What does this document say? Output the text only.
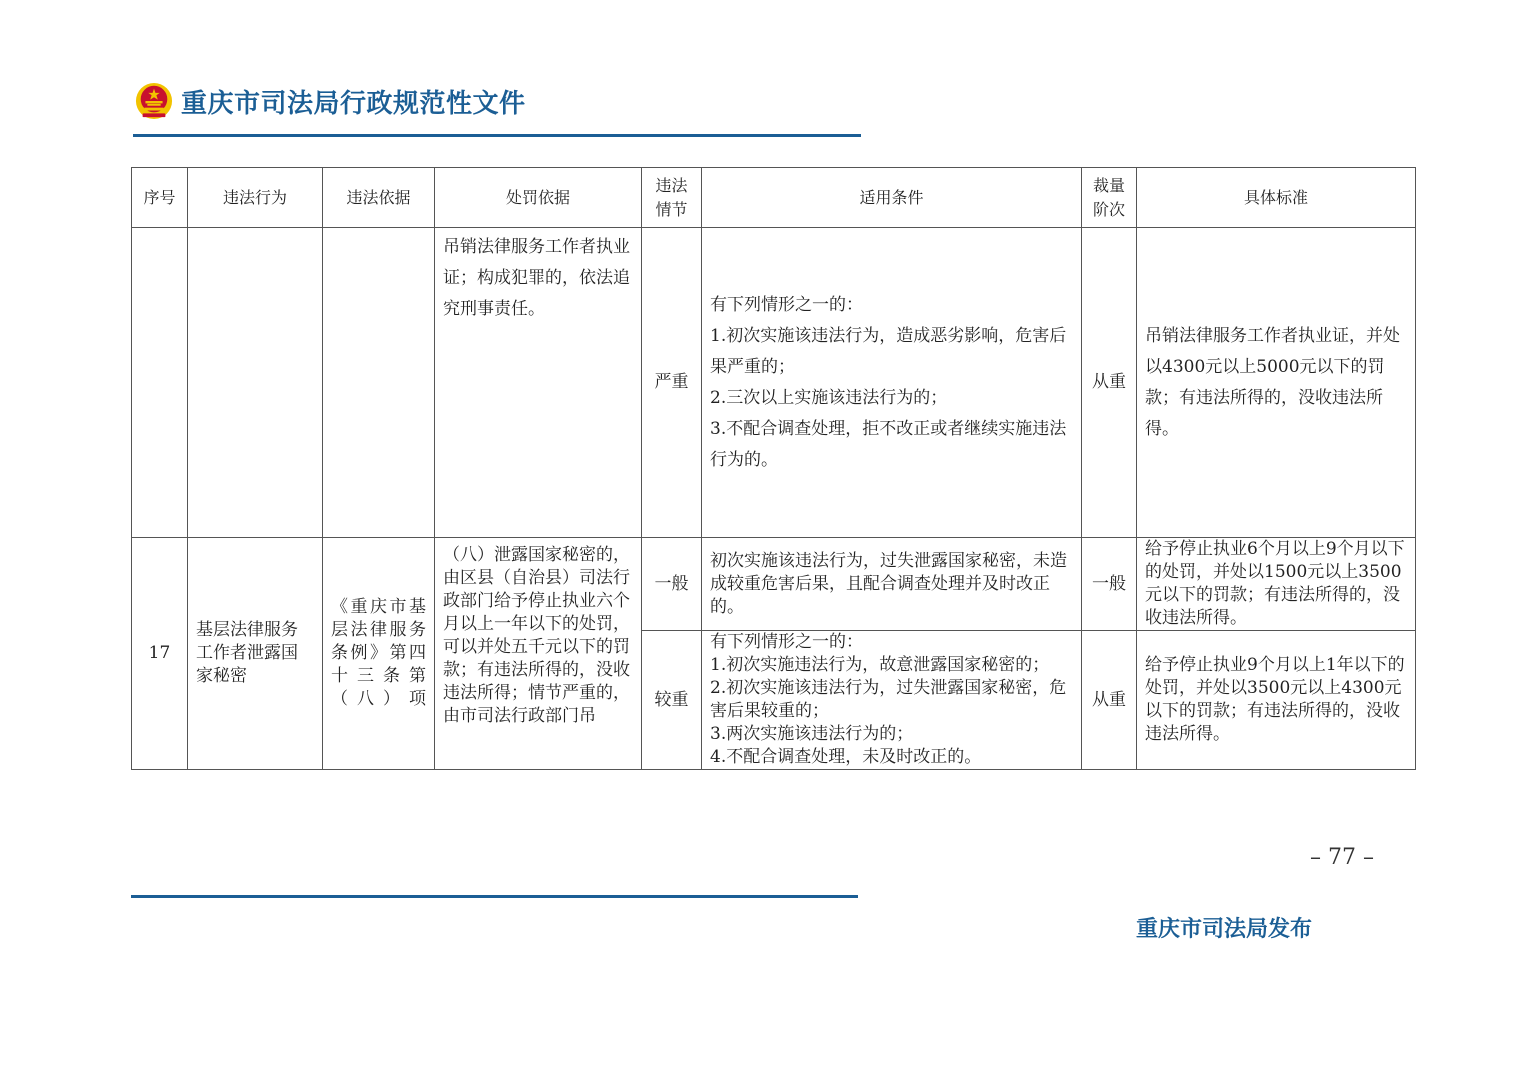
重庆市司法局行政规范性文件
序号	违法行为	违法依据	处罚依据	违法
情节	适用条件	裁量
阶次	具体标准
			吊销法律服务工作者执业证；构成犯罪的，依法追究刑事责任。	严重	有下列情形之一的：
1.初次实施该违法行为，造成恶劣影响，危害后果严重的；
2.三次以上实施该违法行为的；
3.不配合调查处理，拒不改正或者继续实施违法行为的。	从重	吊销法律服务工作者执业证，并处以4300元以上5000元以下的罚款；有违法所得的，没收违法所得。
17	基层法律服务工作者泄露国家秘密	《重庆市基层法律服务条例》第四十三条第（八）项	（八）泄露国家秘密的，由区县（自治县）司法行政部门给予停止执业六个月以上一年以下的处罚，可以并处五千元以下的罚款；有违法所得的，没收违法所得；情节严重的，由市司法行政部门吊	一般	初次实施该违法行为，过失泄露国家秘密，未造成较重危害后果，且配合调查处理并及时改正的。	一般	给予停止执业6个月以上9个月以下的处罚，并处以1500元以上3500元以下的罚款；有违法所得的，没收违法所得。
				较重	有下列情形之一的：
1.初次实施违法行为，故意泄露国家秘密的；
2.初次实施该违法行为，过失泄露国家秘密，危害后果较重的；
3.两次实施该违法行为的；
4.不配合调查处理，未及时改正的。	从重	给予停止执业9个月以上1年以下的处罚，并处以3500元以上4300元以下的罚款；有违法所得的，没收违法所得。
– 77 –
重庆市司法局发布
